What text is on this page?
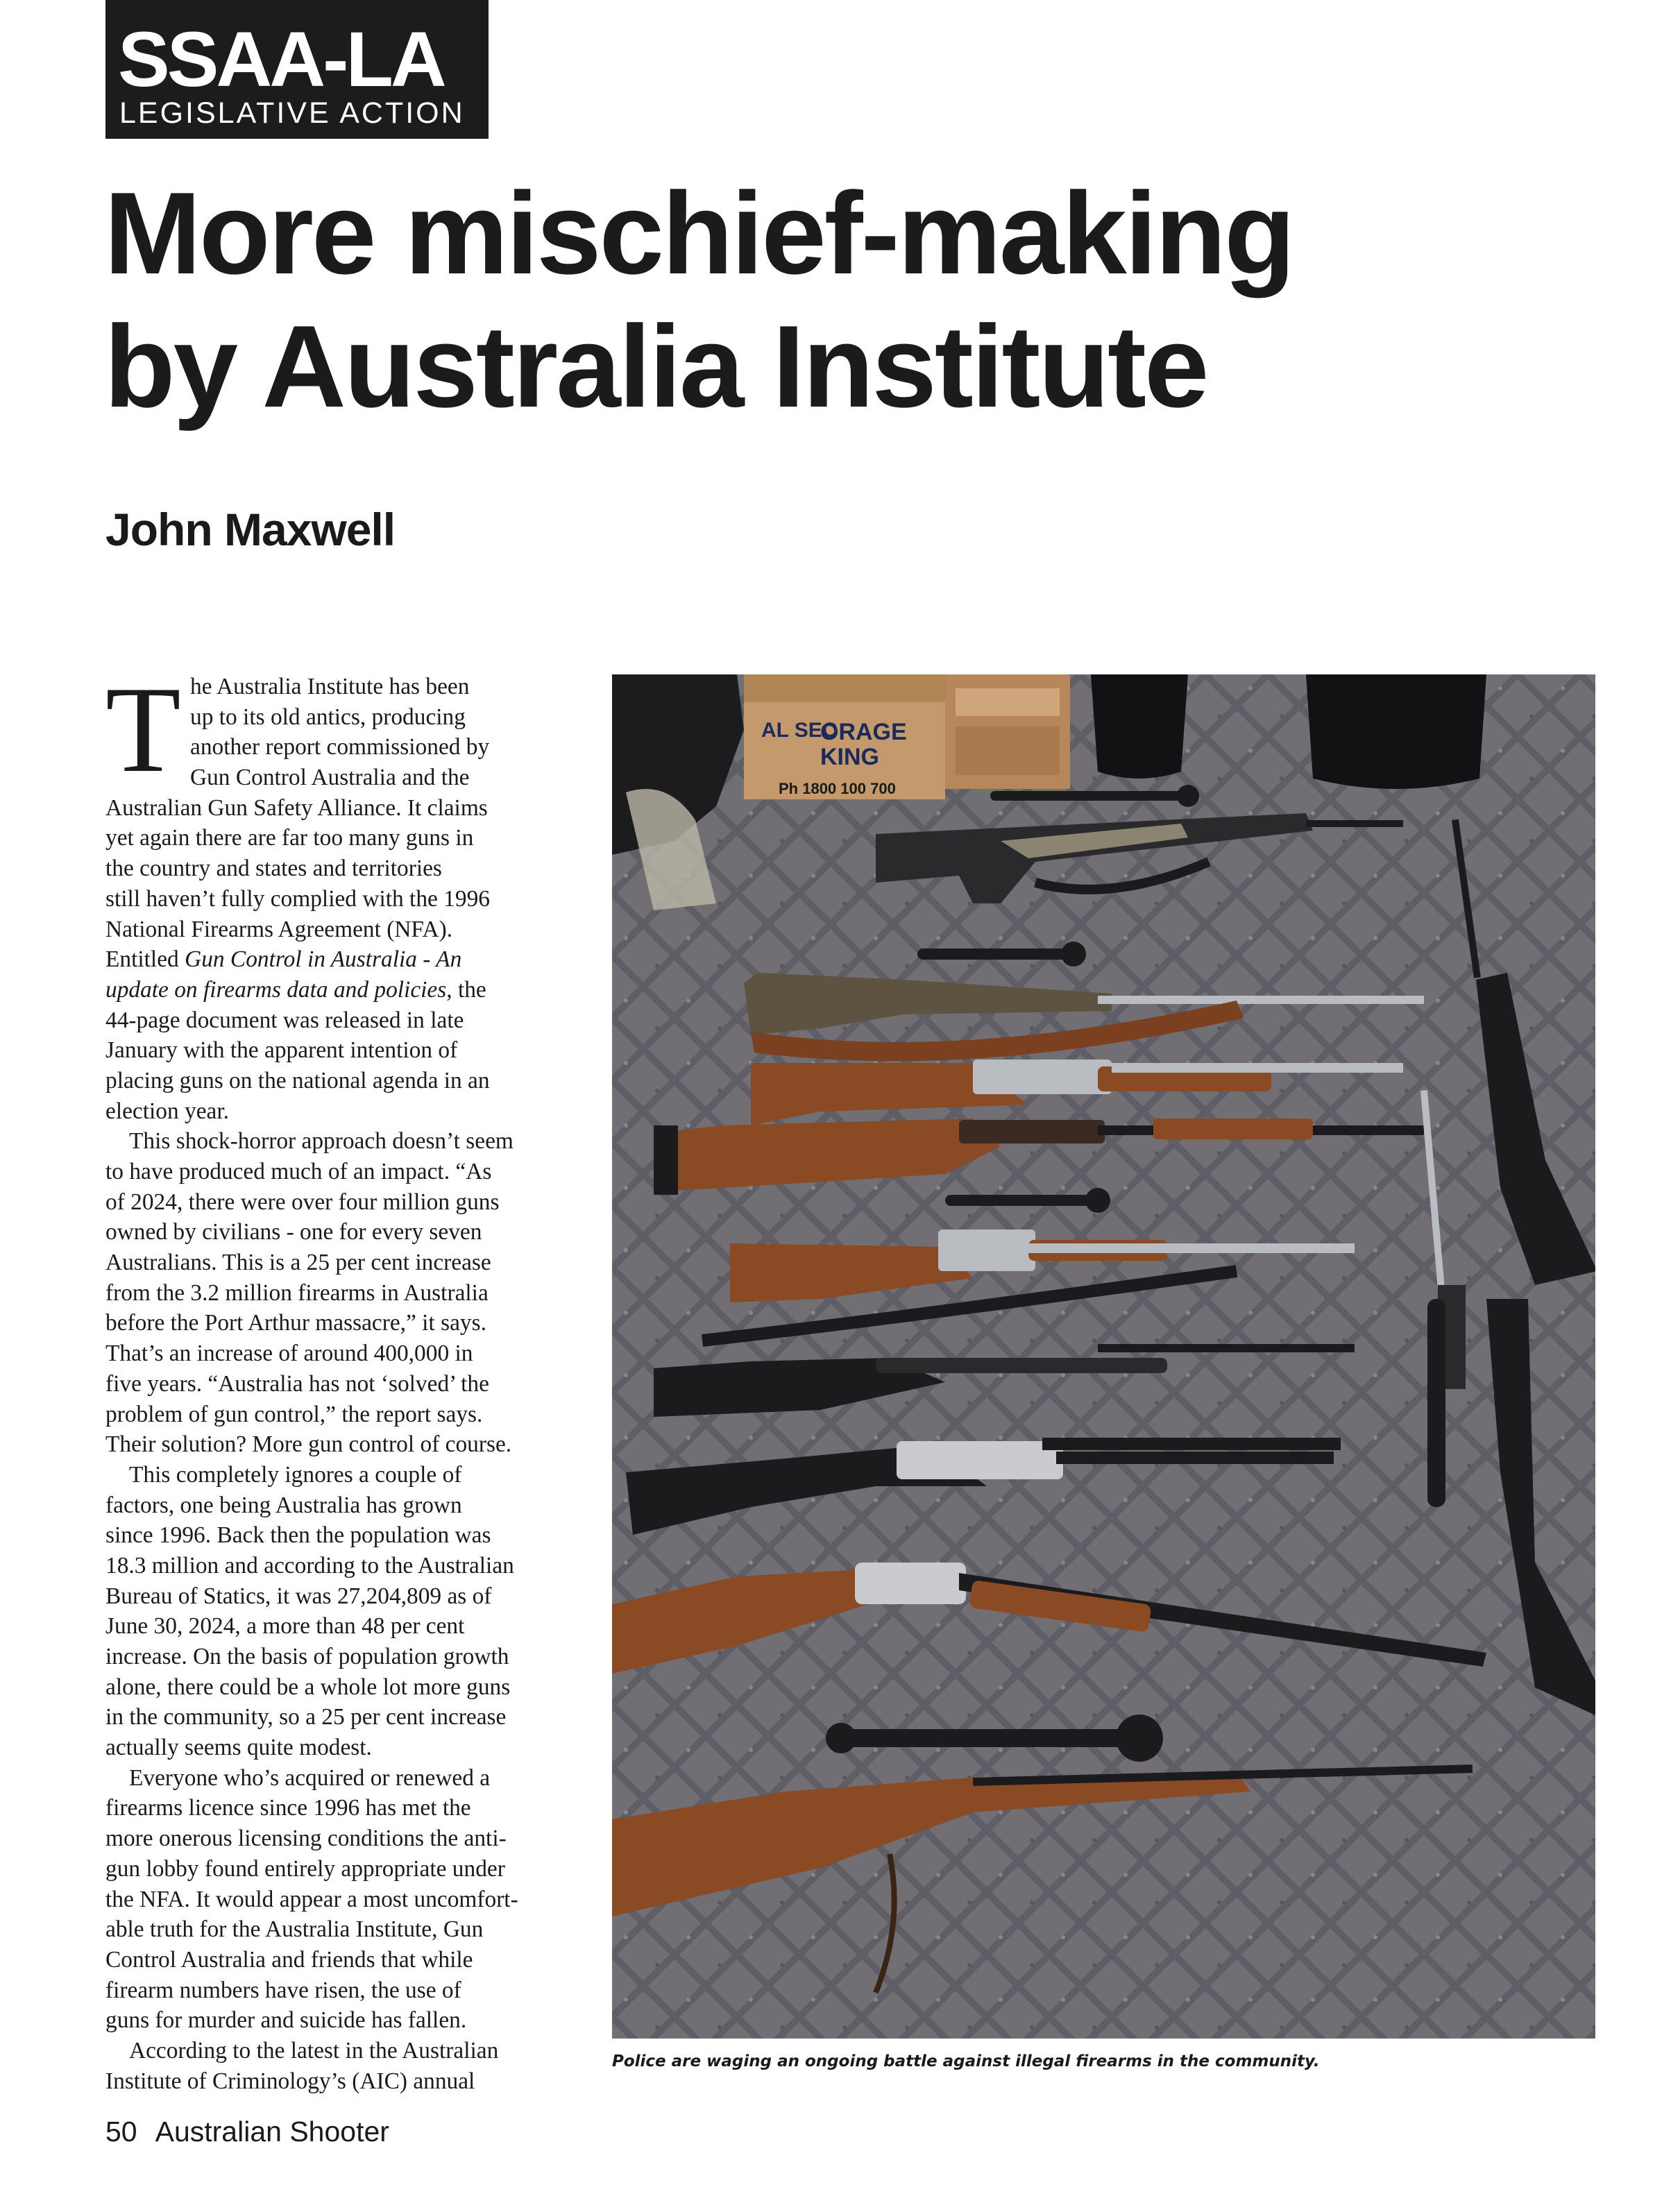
SSAA-LA
LEGISLATIVE ACTION
More mischief-making
by Australia Institute
John Maxwell
T he Australia Institute has been
up to its old antics, producing
another report commissioned by
Gun Control Australia and the
Australian Gun Safety Alliance. It claims
yet again there are far too many guns in
the country and states and territories
still haven’t fully complied with the 1996
National Firearms Agreement (NFA).
Entitled Gun Control in Australia - An
update on firearms data and policies, the
44-page document was released in late
January with the apparent intention of
placing guns on the national agenda in an
election year.
This shock-horror approach doesn’t seem
to have produced much of an impact. “As
of 2024, there were over four million guns
owned by civilians - one for every seven
Australians. This is a 25 per cent increase
from the 3.2 million firearms in Australia
before the Port Arthur massacre,” it says.
That’s an increase of around 400,000 in
five years. “Australia has not ‘solved’ the
problem of gun control,” the report says.
Their solution? More gun control of course.
This completely ignores a couple of
factors, one being Australia has grown
since 1996. Back then the population was
18.3 million and according to the Australian
Bureau of Statics, it was 27,204,809 as of
June 30, 2024, a more than 48 per cent
increase. On the basis of population growth
alone, there could be a whole lot more guns
in the community, so a 25 per cent increase
actually seems quite modest.
Everyone who’s acquired or renewed a
firearms licence since 1996 has met the
more onerous licensing conditions the anti-
gun lobby found entirely appropriate under
the NFA. It would appear a most uncomfort-
able truth for the Australia Institute, Gun
Control Australia and friends that while
firearm numbers have risen, the use of
guns for murder and suicide has fallen.
According to the latest in the Australian
Institute of Criminology’s (AIC) annual
AL SEC
ORAGE
KING
Ph 1800 100 700
Police are waging an ongoing battle against illegal firearms in the community.
50 Australian Shooter
